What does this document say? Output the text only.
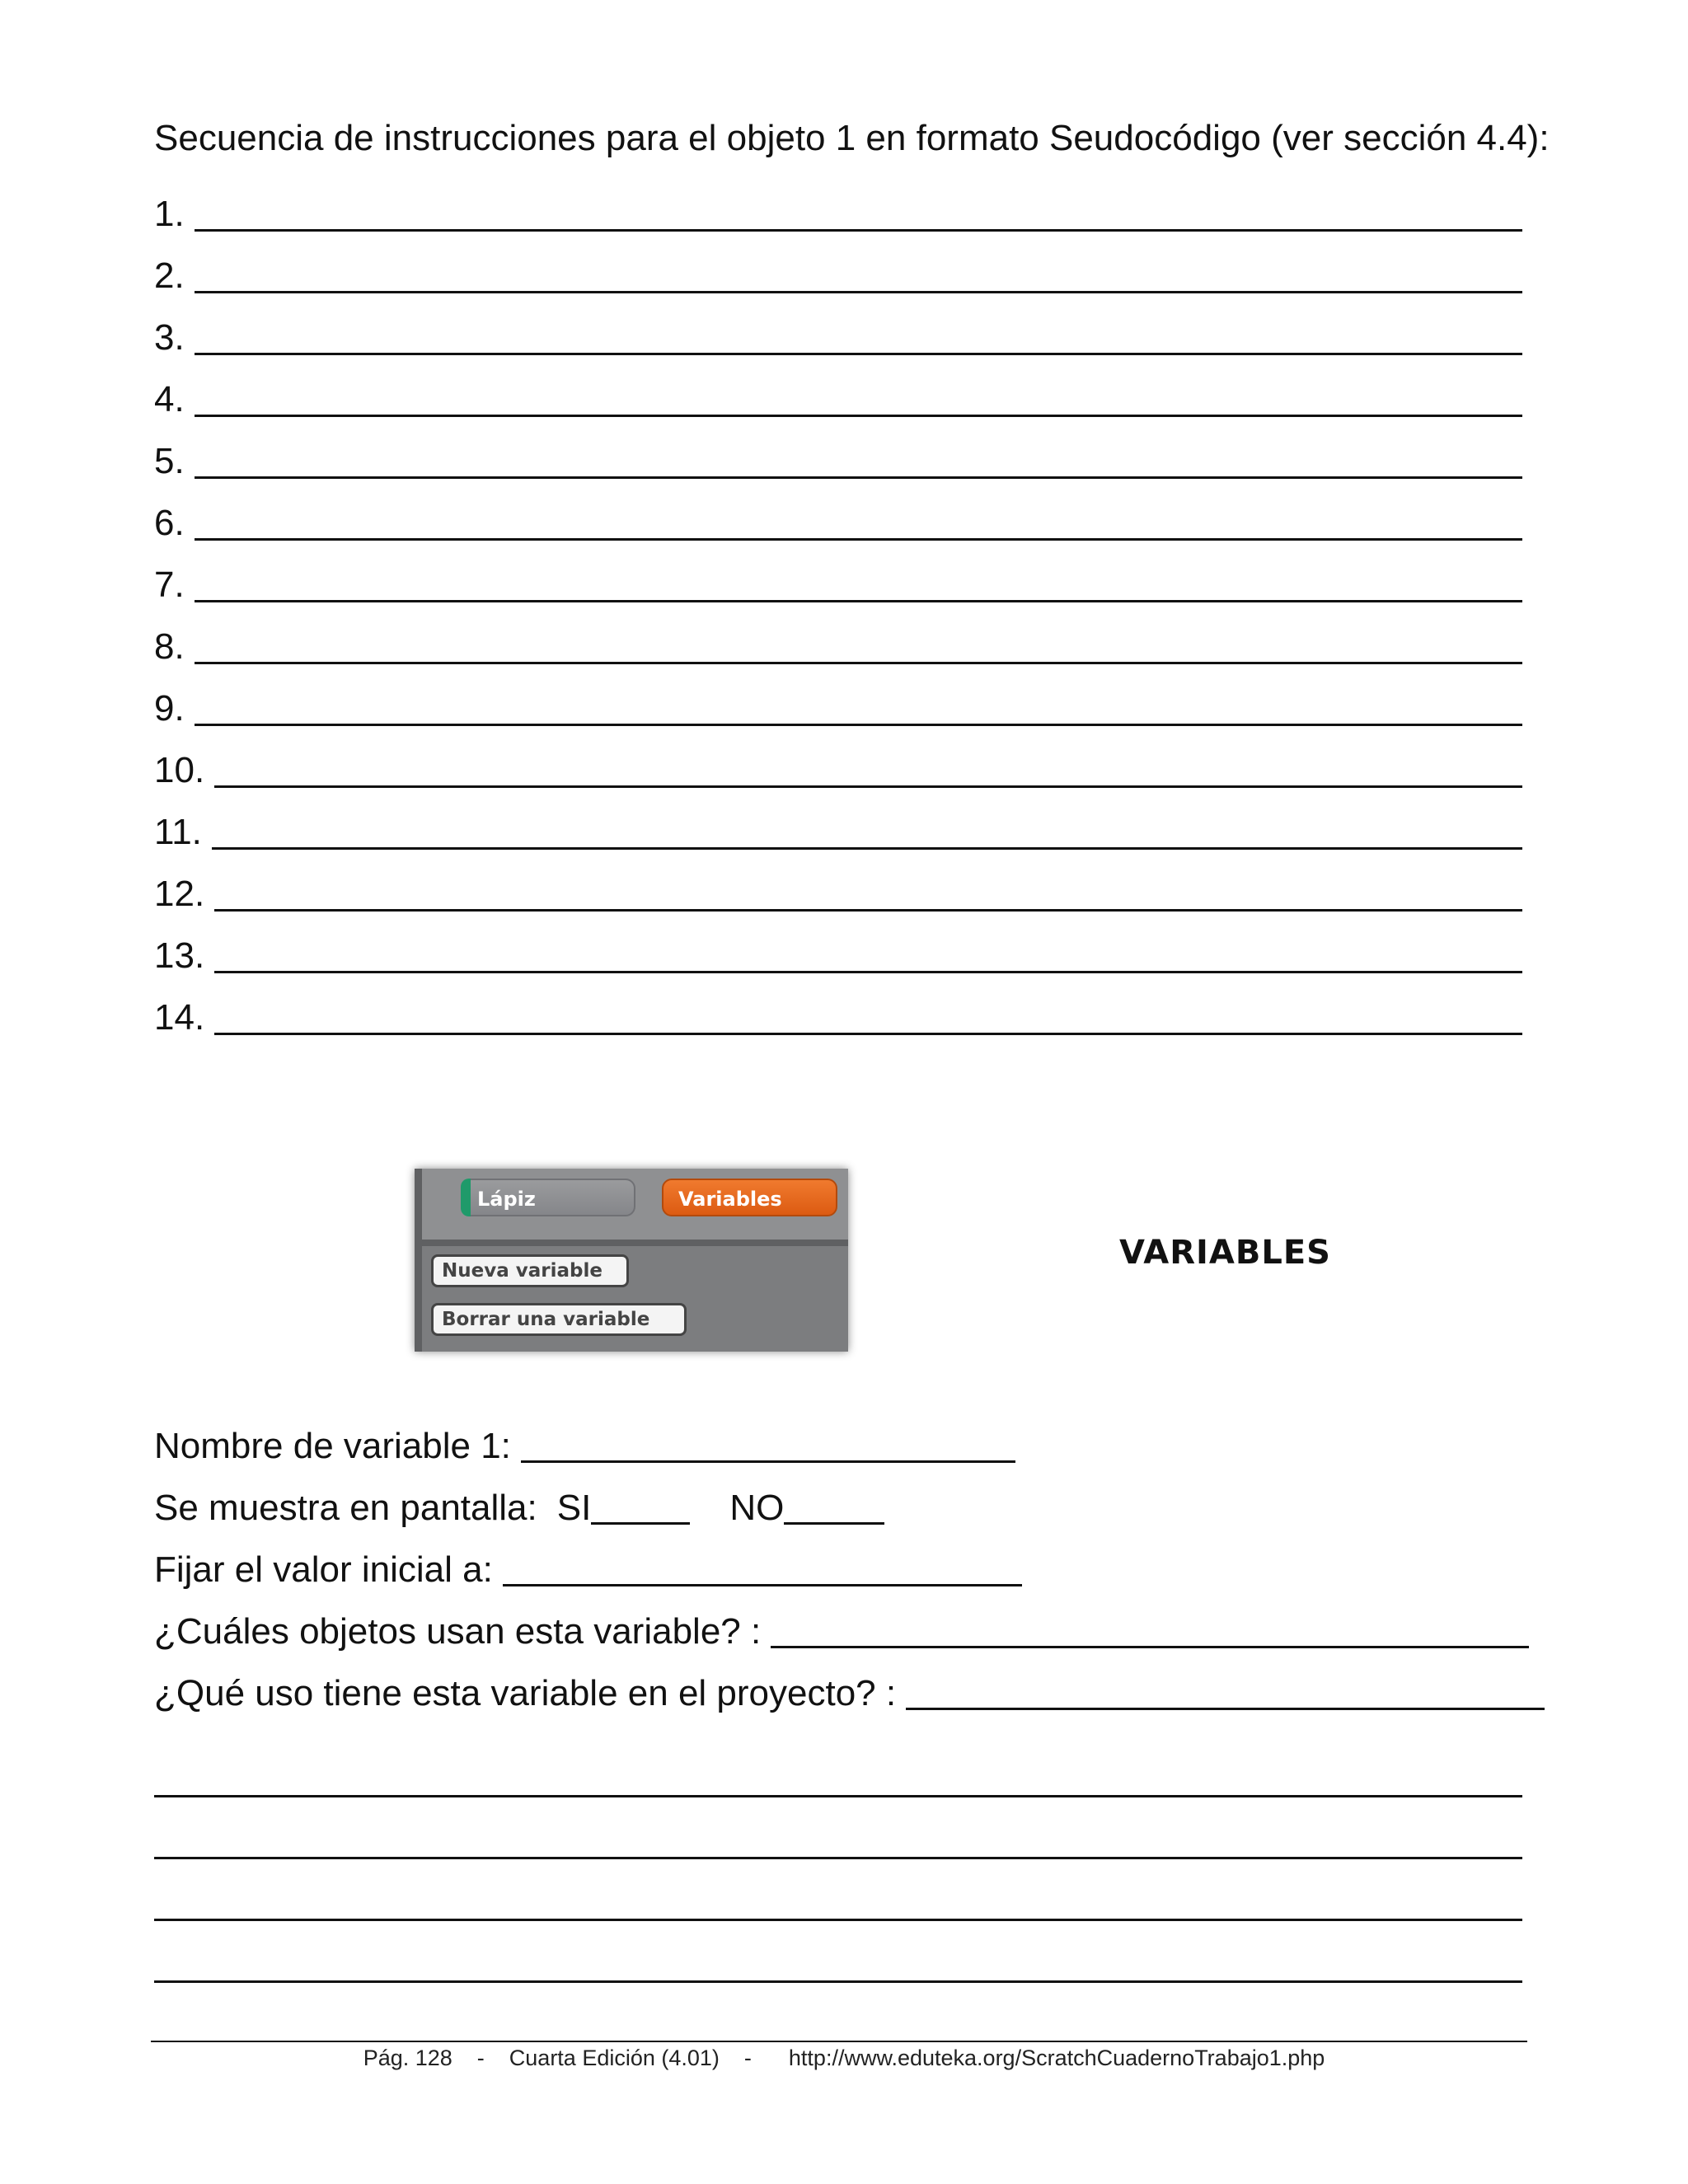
Secuencia de instrucciones para el objeto 1 en formato Seudocódigo (ver sección 4.4):
1.
2.
3.
4.
5.
6.
7.
8.
9.
10.
11.
12.
13.
14.
Lápiz	Variables
Nueva variable
Borrar una variable
VARIABLES
Nombre de variable 1:
Se muestra en pantalla: SI	NO
Fijar el valor inicial a:
¿Cuáles objetos usan esta variable? :
¿Qué uso tiene esta variable en el proyecto? :
Pág. 128    -    Cuarta Edición (4.01)    -      http://www.eduteka.org/ScratchCuadernoTrabajo1.php
